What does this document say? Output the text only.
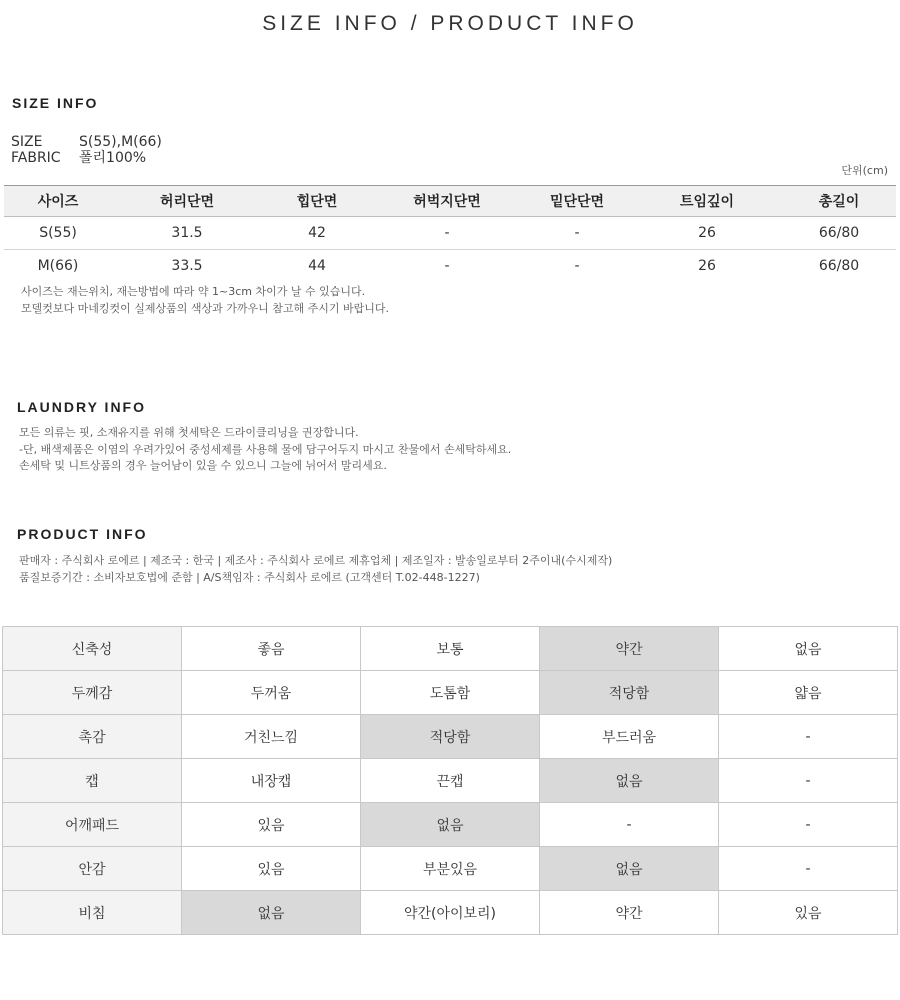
SIZE INFO / PRODUCT INFO
SIZE INFO
SIZE	S(55),M(66)
FABRIC 폴리100%
단위(cm)
사이즈	허리단면	힙단면	허벅지단면	밑단단면	트임깊이	총길이
S(55)	31.5	42	-	-	26	66/80
M(66)	33.5	44	-	-	26	66/80
사이즈는 재는위치, 재는방법에 따라 약 1~3cm 차이가 날 수 있습니다.
모델컷보다 마네킹컷이 실제상품의 색상과 가까우니 참고해 주시기 바랍니다.
LAUNDRY INFO
모든 의류는 핏, 소재유지를 위해 첫세탁은 드라이클리닝을 권장합니다.
-단, 배색제품은 이염의 우려가있어 중성세제를 사용해 물에 담구어두지 마시고 찬물에서 손세탁하세요.
손세탁 및 니트상품의 경우 늘어남이 있을 수 있으니 그늘에 뉘어서 말리세요.
PRODUCT INFO
판매자 : 주식회사 로에르 | 제조국 : 한국 | 제조사 : 주식회사 로에르 제휴업체 | 제조일자 : 발송일로부터 2주이내(수시제작)
품질보증기간 : 소비자보호법에 준함 | A/S책임자 : 주식회사 로에르 (고객센터 T.02-448-1227)
신축성	좋음	보통	약간	없음
두께감	두꺼움	도톰함	적당함	얇음
촉감	거친느낌	적당함	부드러움	-
캡	내장캡	끈캡	없음	-
어깨패드	있음	없음	-	-
안감	있음	부분있음	없음	-
비침	없음	약간(아이보리)	약간	있음
